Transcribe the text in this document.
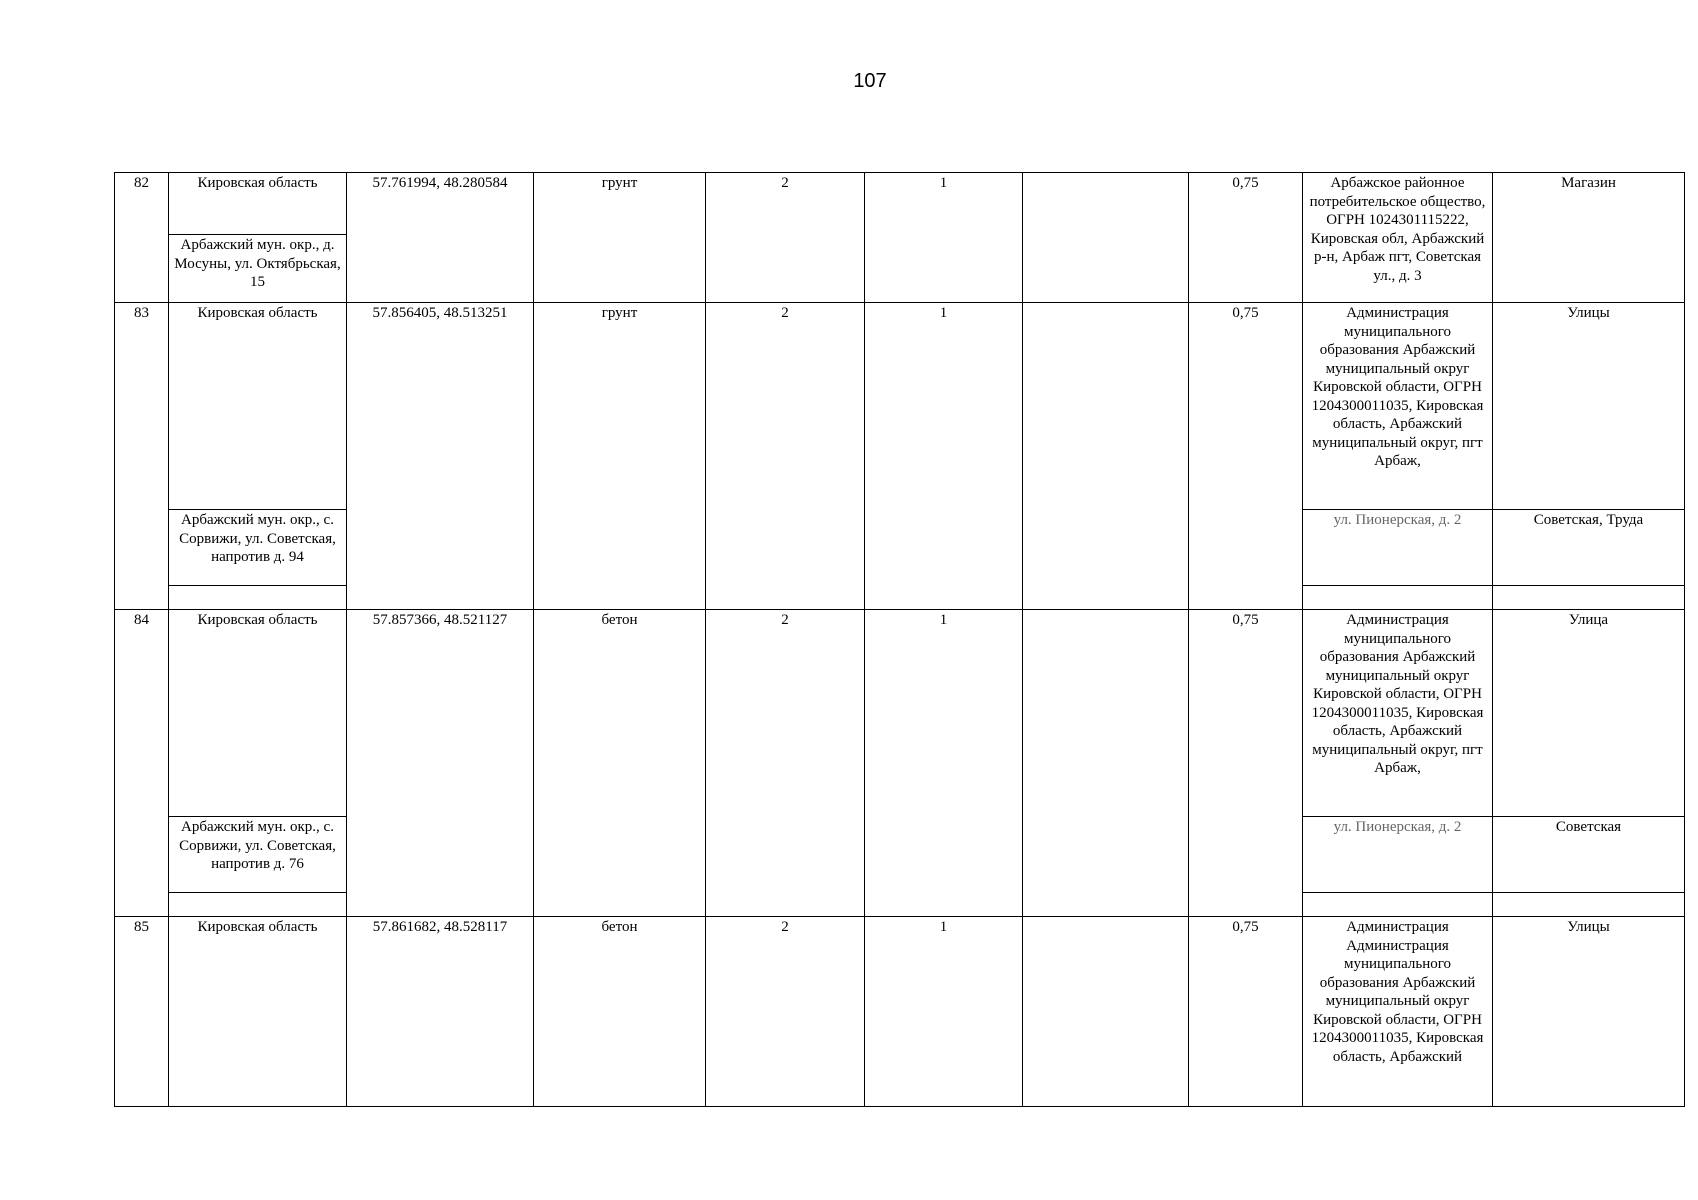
107
82	Кировская область	57.761994, 48.280584	грунт	2	1		0,75	Арбажское районное потребительское общество, ОГРН 1024301115222, Кировская обл, Арбажский р-н, Арбаж пгт, Советская ул., д. 3	Магазин
	Арбажский мун. окр., д. Мосуны, ул. Октябрьская, 15								
83	Кировская область	57.856405, 48.513251	грунт	2	1		0,75	Администрация муниципального образования Арбажский муниципальный округ Кировской области, ОГРН 1204300011035, Кировская область, Арбажский муниципальный округ, пгт Арбаж,	Улицы
	Арбажский мун. окр., с. Сорвижи, ул. Советская, напротив д. 94							ул. Пионерская, д. 2	Советская, Труда

84	Кировская область	57.857366, 48.521127	бетон	2	1		0,75	Администрация муниципального образования Арбажский муниципальный округ Кировской области, ОГРН 1204300011035, Кировская область, Арбажский муниципальный округ, пгт Арбаж,	Улица
	Арбажский мун. окр., с. Сорвижи, ул. Советская, напротив д. 76							ул. Пионерская, д. 2	Советская

85	Кировская область	57.861682, 48.528117	бетон	2	1		0,75	Администрация Администрация муниципального образования Арбажский муниципальный округ Кировской области, ОГРН 1204300011035, Кировская область, Арбажский	Улицы
